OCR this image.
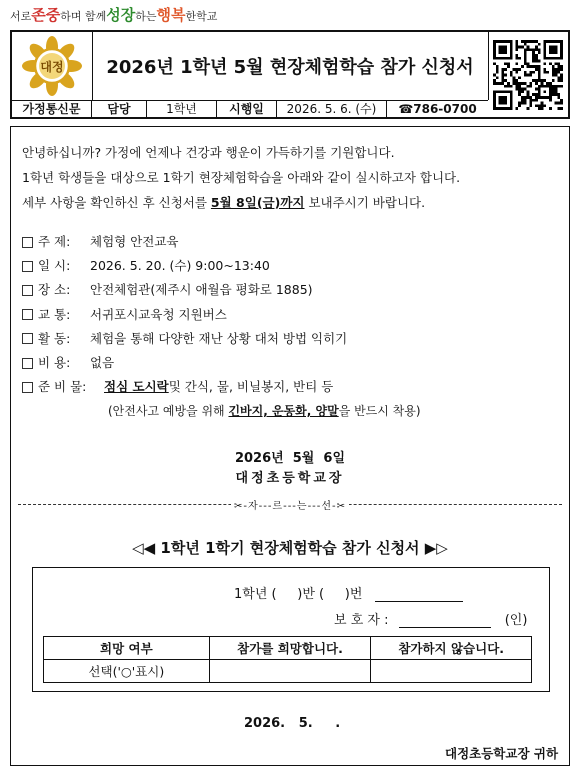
서로존중하며 함께성장하는행복한학교
대정	2026년 1학년 5월 현장체험학습 참가 신청서
가정통신문	담당	1학년	시행일	2026. 5. 6. (수)	☎786-0700

안녕하십니까? 가정에 언제나 건강과 행운이 가득하기를 기원합니다.

1학년 학생들을 대상으로 1학기 현장체험학습을 아래와 같이 실시하고자 합니다.

세부 사항을 확인하신 후 신청서를 5월 8일(금)까지 보내주시기 바랍니다.

주 제:	체험형 안전교육
일 시:	2026. 5. 20. (수) 9:00~13:40
장 소:	안전체험관(제주시 애월읍 평화로 1885)
교 통:	서귀포시교육청 지원버스
활 동:	체험을 통해 다양한 재난 상황 대처 방법 익히기
비 용:	없음
준 비 물:	점심 도시락 및 간식, 물, 비닐봉지, 반티 등
(안전사고 예방을 위해 긴바지, 운동화, 양말을 반드시 착용)
2026년  5월  6일
대정초등학교장
✂-자---르---는---선-✂
◁◀ 1학년 1학기 현장체험학습 참가 신청서 ▶▷
1학년 (     )반 (     )번
보 호 자 :	(인)
희망 여부	참가를 희망합니다.	참가하지 않습니다.
선택('○'표시)		
2026.   5.     .
대정초등학교장 귀하
